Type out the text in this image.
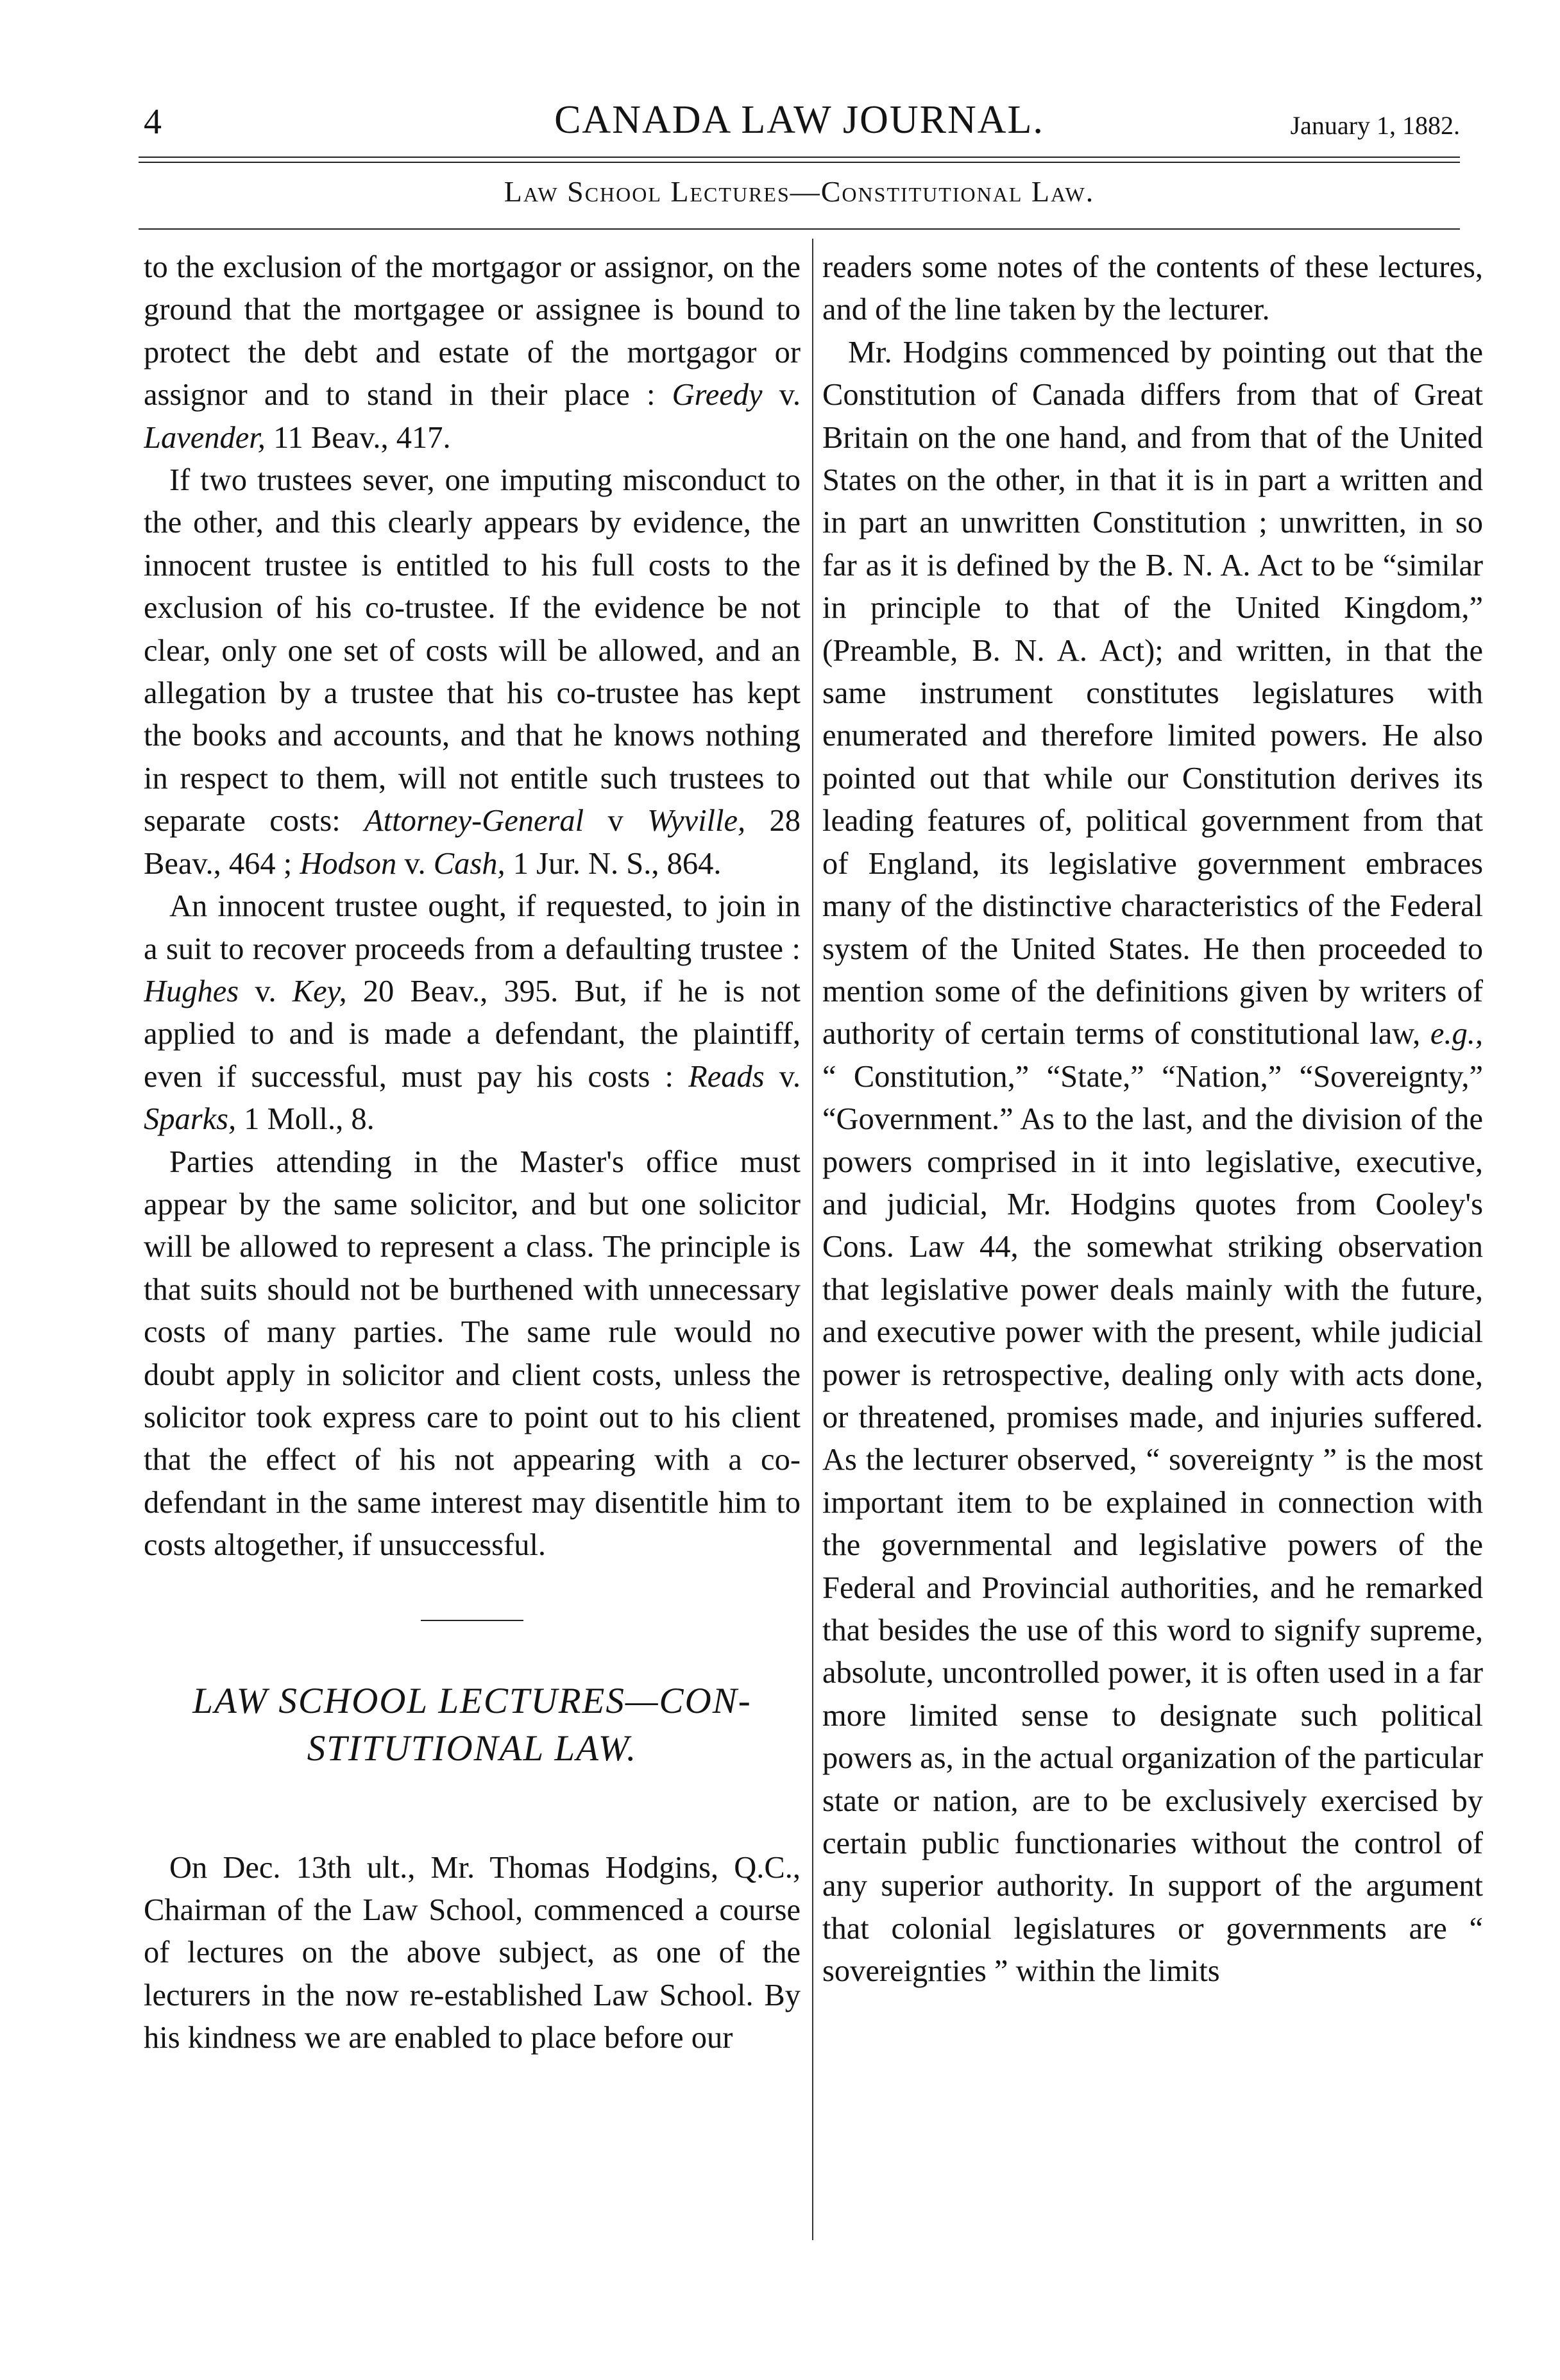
4	CANADA LAW JOURNAL.	January 1, 1882.
Law School Lectures—Constitutional Law.

to the exclusion of the mortgagor or assignor, on the ground that the mortgagee or assignee is bound to protect the debt and estate of the mortgagor or assignor and to stand in their place : Greedy v. Lavender, 11 Beav., 417.

If two trustees sever, one imputing misconduct to the other, and this clearly appears by evidence, the innocent trustee is entitled to his full costs to the exclusion of his co-trustee. If the evidence be not clear, only one set of costs will be allowed, and an allegation by a trustee that his co-trustee has kept the books and accounts, and that he knows nothing in respect to them, will not entitle such trustees to separate costs: Attorney-General v Wyville, 28 Beav., 464 ; Hodson v. Cash, 1 Jur. N. S., 864.

An innocent trustee ought, if requested, to join in a suit to recover proceeds from a defaulting trustee : Hughes v. Key, 20 Beav., 395. But, if he is not applied to and is made a defendant, the plaintiff, even if successful, must pay his costs : Reads v. Sparks, 1 Moll., 8.

Parties attending in the Master's office must appear by the same solicitor, and but one solicitor will be allowed to represent a class. The principle is that suits should not be burthened with unnecessary costs of many parties. The same rule would no doubt apply in solicitor and client costs, unless the solicitor took express care to point out to his client that the effect of his not appearing with a co-defendant in the same interest may disentitle him to costs altogether, if unsuccessful.

LAW SCHOOL LECTURES—CON-
STITUTIONAL LAW.

On Dec. 13th ult., Mr. Thomas Hodgins, Q.C., Chairman of the Law School, commenced a course of lectures on the above subject, as one of the lecturers in the now re-established Law School. By his kindness we are enabled to place before our

readers some notes of the contents of these lectures, and of the line taken by the lecturer.

Mr. Hodgins commenced by pointing out that the Constitution of Canada differs from that of Great Britain on the one hand, and from that of the United States on the other, in that it is in part a written and in part an unwritten Constitution ; unwritten, in so far as it is defined by the B. N. A. Act to be “similar in principle to that of the United Kingdom,” (Preamble, B. N. A. Act); and written, in that the same instrument constitutes legislatures with enumerated and therefore limited powers. He also pointed out that while our Constitution derives its leading features of, political government from that of England, its legislative government embraces many of the distinctive characteristics of the Federal system of the United States. He then proceeded to mention some of the definitions given by writers of authority of certain terms of constitutional law, e.g., “ Constitution,” “State,” “Nation,” “Sovereignty,” “Government.” As to the last, and the division of the powers comprised in it into legislative, executive, and judicial, Mr. Hodgins quotes from Cooley's Cons. Law 44, the somewhat striking observation that legislative power deals mainly with the future, and executive power with the present, while judicial power is retrospective, dealing only with acts done, or threatened, promises made, and injuries suffered. As the lecturer observed, “ sovereignty ” is the most important item to be explained in connection with the governmental and legislative powers of the Federal and Provincial authorities, and he remarked that besides the use of this word to signify supreme, absolute, uncontrolled power, it is often used in a far more limited sense to designate such political powers as, in the actual organization of the particular state or nation, are to be exclusively exercised by certain public functionaries without the control of any superior authority. In support of the argument that colonial legislatures or governments are “ sovereignties ” within the limits
